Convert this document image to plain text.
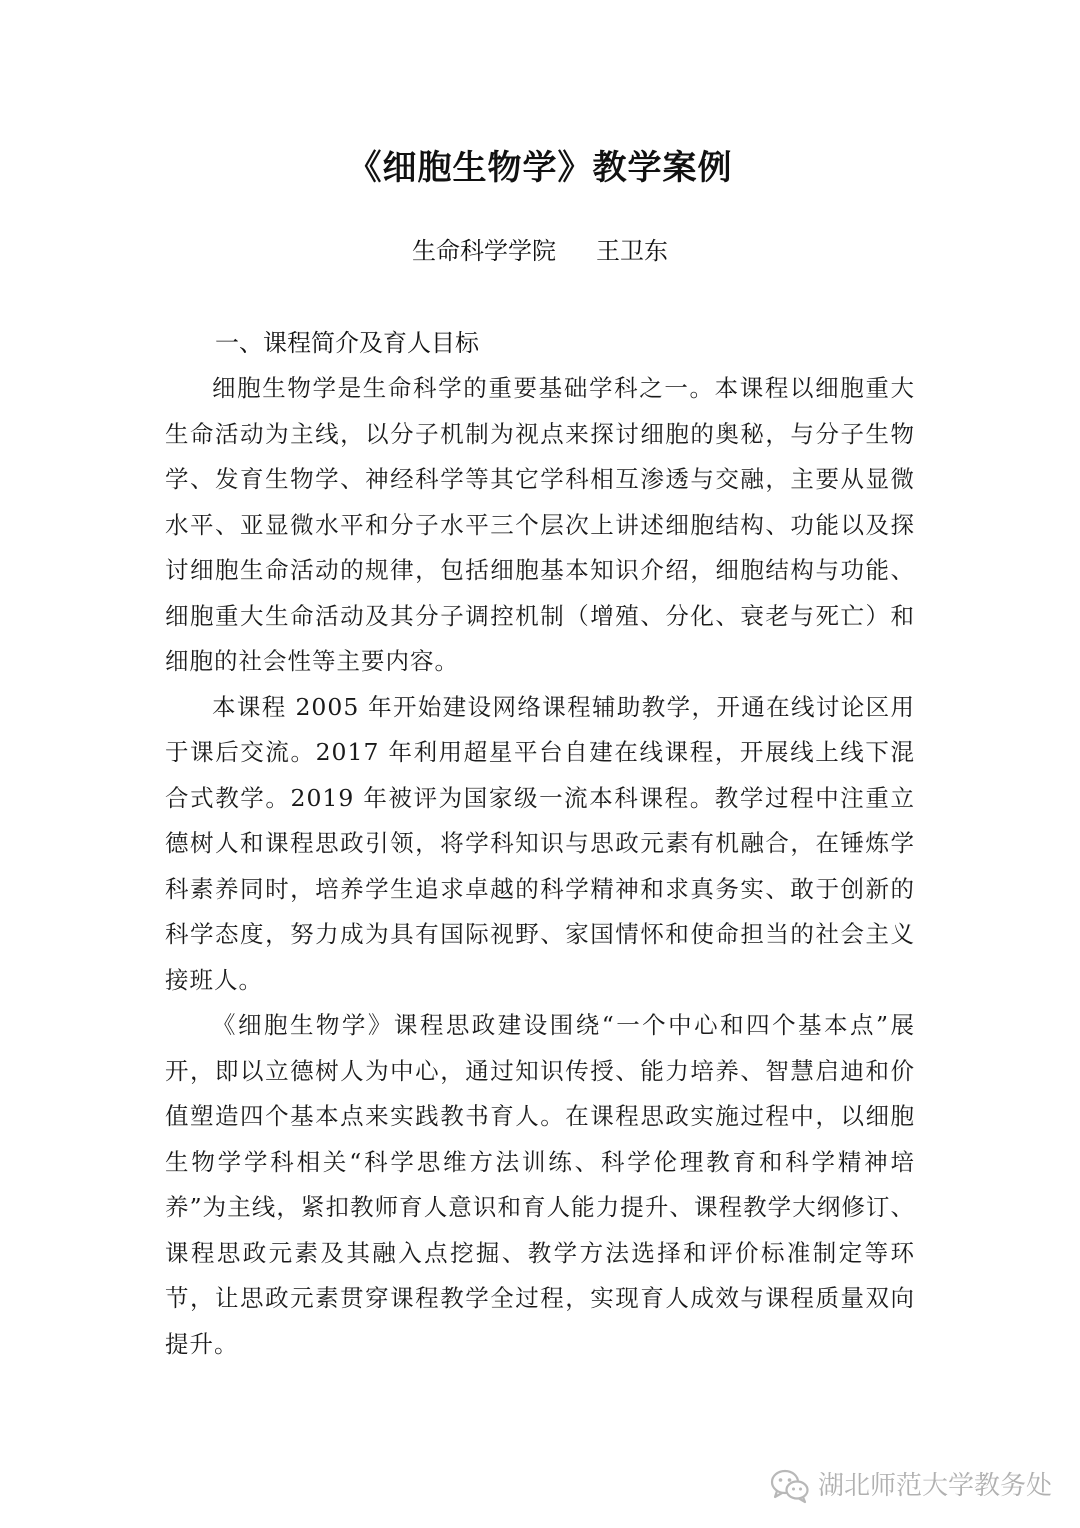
《细胞生物学》教学案例
生命科学学院 王卫东
一、课程简介及育人目标

细胞生物学是生命科学的重要基础学科之一。本课程以细胞重大生命活动为主线，以分子机制为视点来探讨细胞的奥秘，与分子生物学、发育生物学、神经科学等其它学科相互渗透与交融，主要从显微水平、亚显微水平和分子水平三个层次上讲述细胞结构、功能以及探讨细胞生命活动的规律，包括细胞基本知识介绍，细胞结构与功能、细胞重大生命活动及其分子调控机制（增殖、分化、衰老与死亡）和细胞的社会性等主要内容。

本课程 2005 年开始建设网络课程辅助教学，开通在线讨论区用于课后交流。2017 年利用超星平台自建在线课程，开展线上线下混合式教学。2019 年被评为国家级一流本科课程。教学过程中注重立德树人和课程思政引领，将学科知识与思政元素有机融合，在锤炼学科素养同时，培养学生追求卓越的科学精神和求真务实、敢于创新的科学态度，努力成为具有国际视野、家国情怀和使命担当的社会主义接班人。

《细胞生物学》课程思政建设围绕“一个中心和四个基本点”展开，即以立德树人为中心，通过知识传授、能力培养、智慧启迪和价值塑造四个基本点来实践教书育人。在课程思政实施过程中，以细胞生物学学科相关“科学思维方法训练、科学伦理教育和科学精神培养”为主线，紧扣教师育人意识和育人能力提升、课程教学大纲修订、课程思政元素及其融入点挖掘、教学方法选择和评价标准制定等环节，让思政元素贯穿课程教学全过程，实现育人成效与课程质量双向提升。

湖北师范大学教务处
